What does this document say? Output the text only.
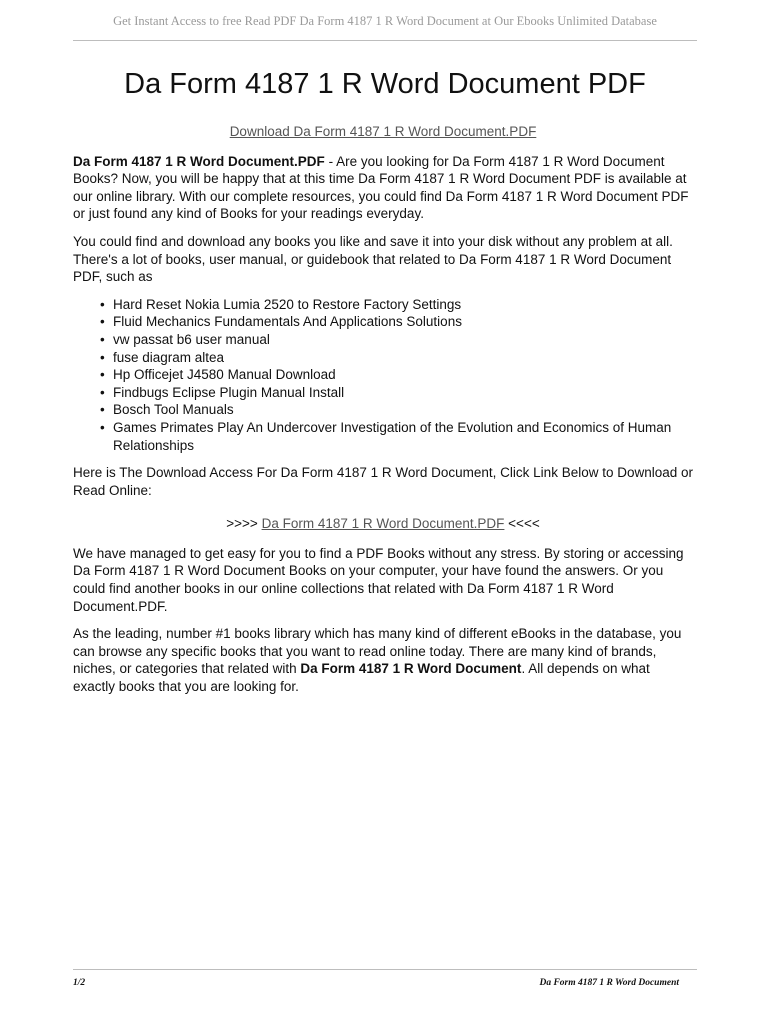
Get Instant Access to free Read PDF Da Form 4187 1 R Word Document at Our Ebooks Unlimited Database
Da Form 4187 1 R Word Document PDF
Download Da Form 4187 1 R Word Document.PDF

Da Form 4187 1 R Word Document.PDF - Are you looking for Da Form 4187 1 R Word Document Books? Now, you will be happy that at this time Da Form 4187 1 R Word Document PDF is available at our online library. With our complete resources, you could find Da Form 4187 1 R Word Document PDF or just found any kind of Books for your readings everyday.

You could find and download any books you like and save it into your disk without any problem at all. There's a lot of books, user manual, or guidebook that related to Da Form 4187 1 R Word Document PDF, such as

• Hard Reset Nokia Lumia 2520 to Restore Factory Settings
• Fluid Mechanics Fundamentals And Applications Solutions
• vw passat b6 user manual
• fuse diagram altea
• Hp Officejet J4580 Manual Download
• Findbugs Eclipse Plugin Manual Install
• Bosch Tool Manuals
• Games Primates Play An Undercover Investigation of the Evolution and Economics of Human Relationships

Here is The Download Access For Da Form 4187 1 R Word Document, Click Link Below to Download or Read Online:

>>>> Da Form 4187 1 R Word Document.PDF <<<<

We have managed to get easy for you to find a PDF Books without any stress. By storing or accessing Da Form 4187 1 R Word Document Books on your computer, your have found the answers. Or you could find another books in our online collections that related with Da Form 4187 1 R Word Document.PDF.

As the leading, number #1 books library which has many kind of different eBooks in the database, you can browse any specific books that you want to read online today. There are many kind of brands, niches, or categories that related with Da Form 4187 1 R Word Document. All depends on what exactly books that you are looking for.

1/2	Da Form 4187 1 R Word Document
